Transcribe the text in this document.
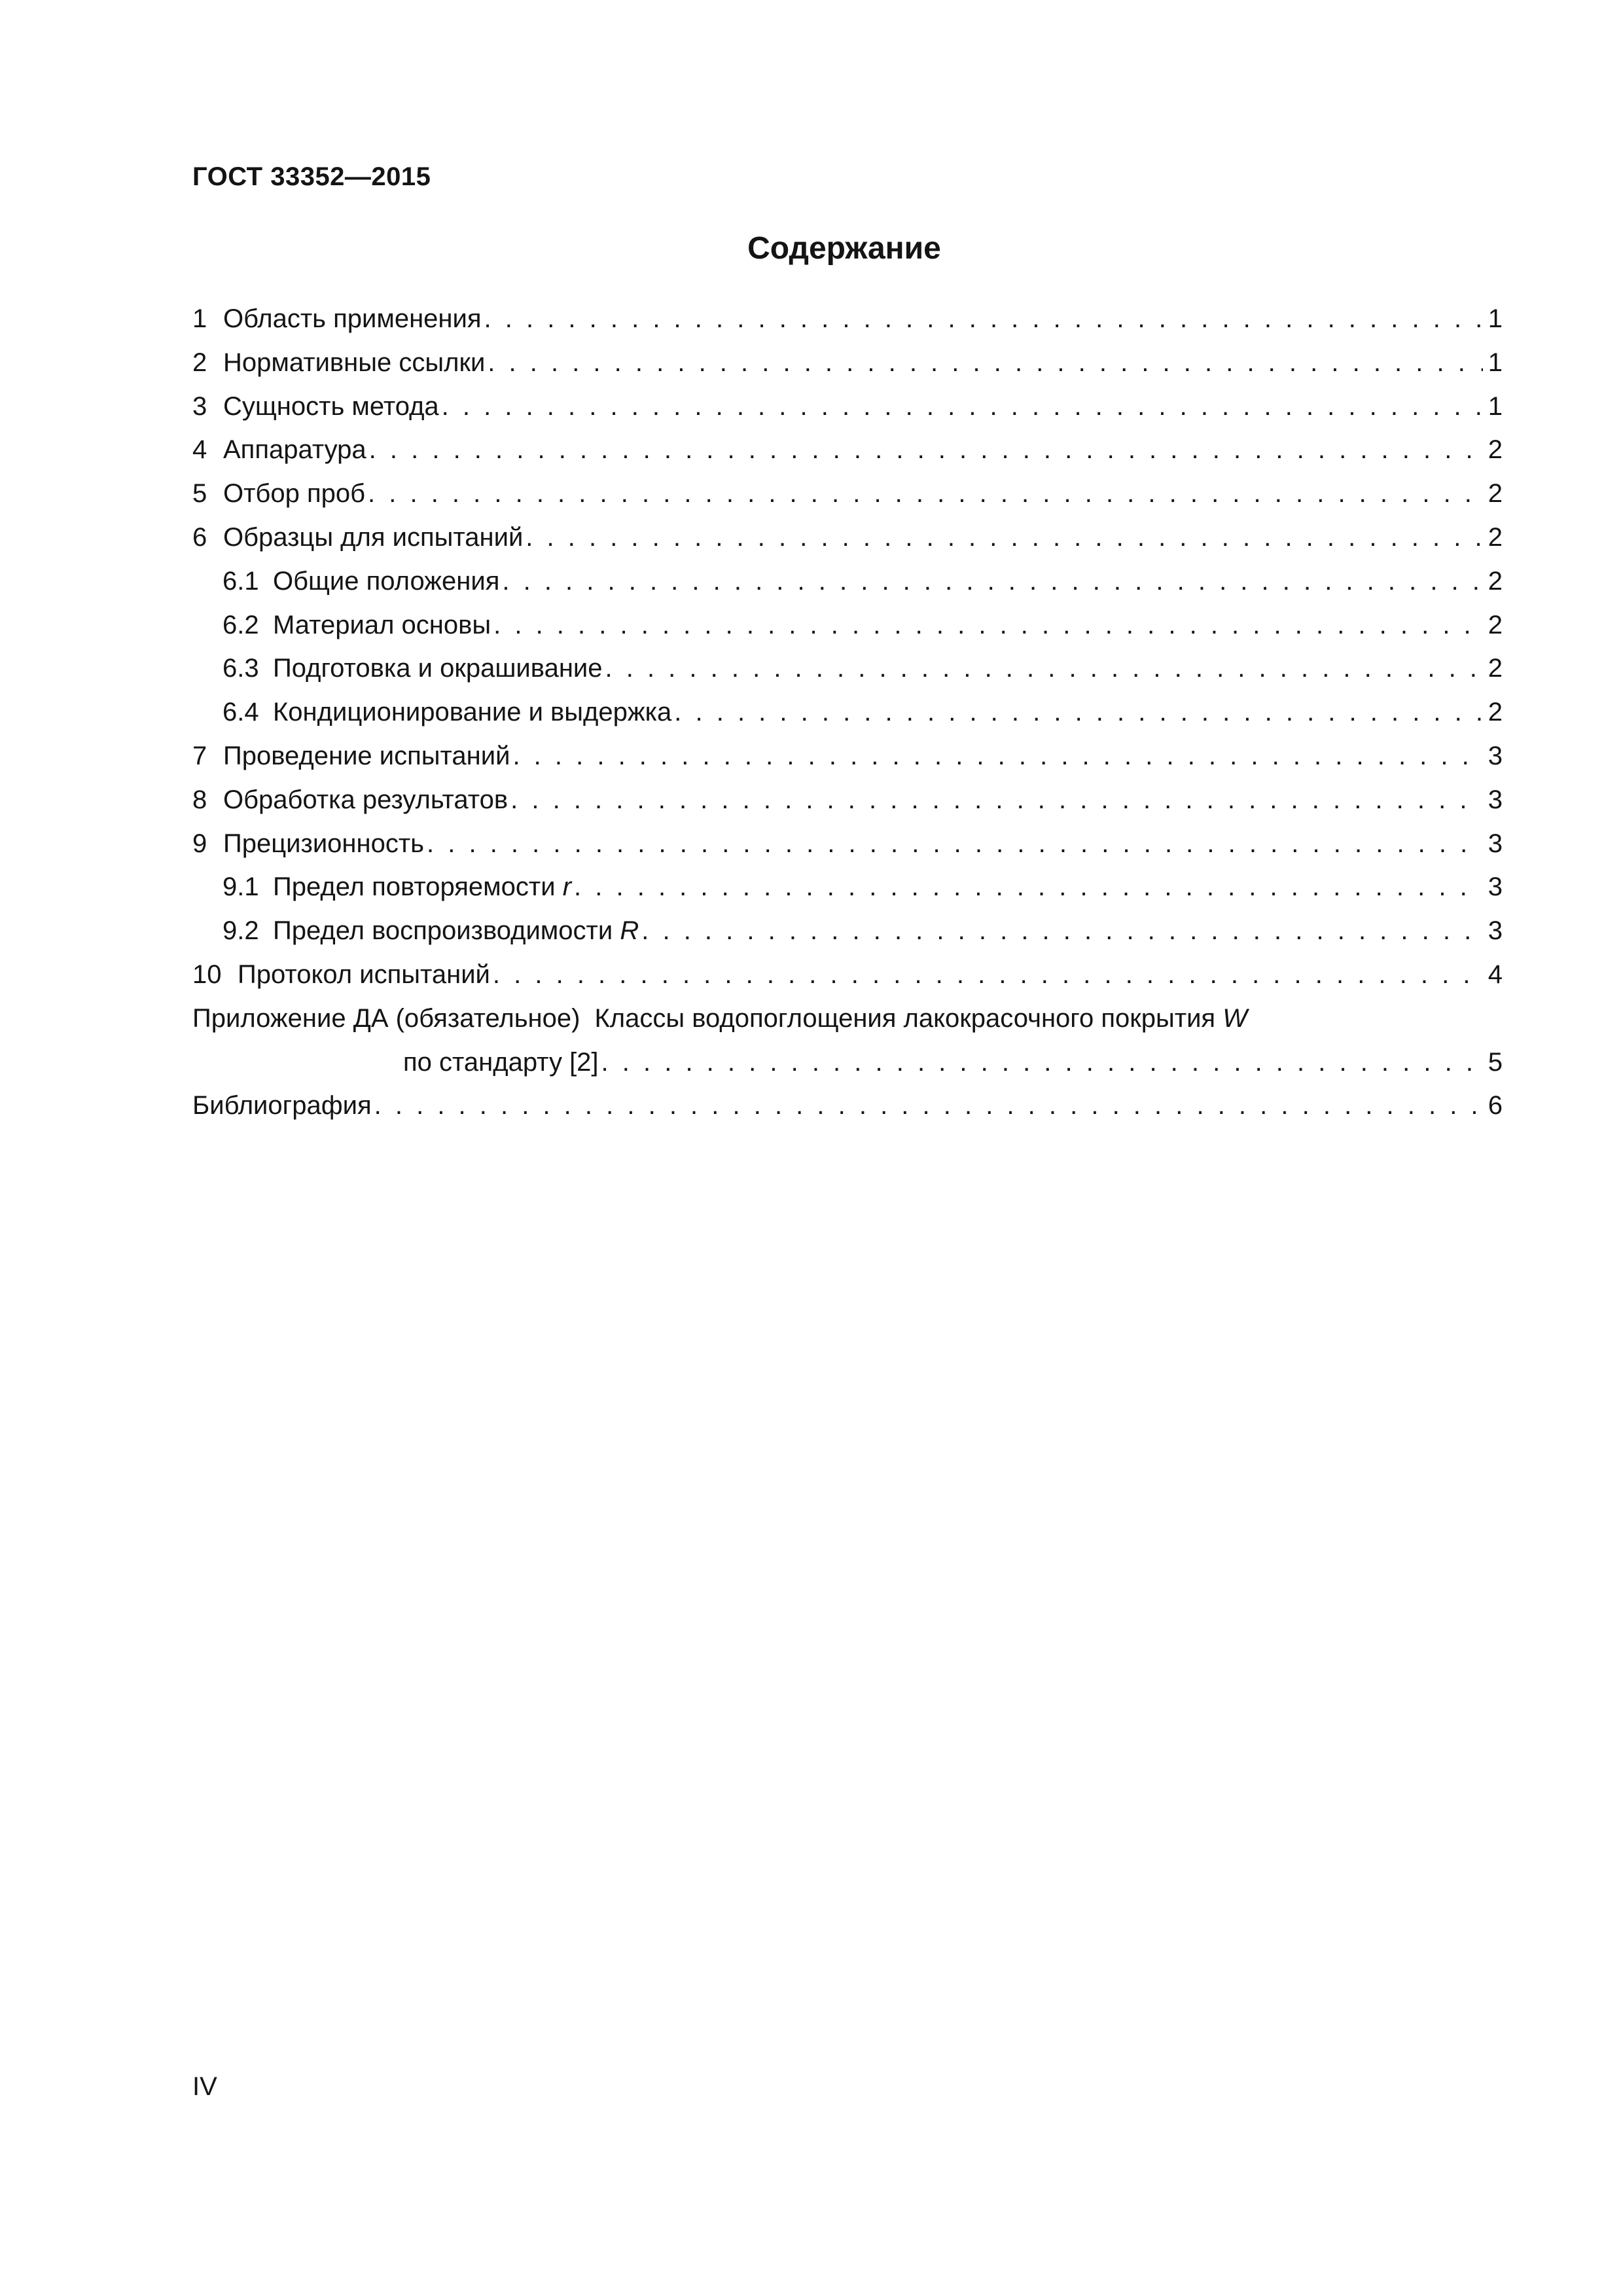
ГОСТ 33352—2015
Содержание
1 Область применения . . .	1
2 Нормативные ссылки . . .	1
3 Сущность метода . . .	1
4 Аппаратура . . .	2
5 Отбор проб . . .	2
6 Образцы для испытаний . . .	2
6.1 Общие положения . . .	2
6.2 Материал основы . . .	2
6.3 Подготовка и окрашивание . . .	2
6.4 Кондиционирование и выдержка . . .	2
7 Проведение испытаний . . .	3
8 Обработка результатов . . .	3
9 Прецизионность . . .	3
9.1 Предел повторяемости r . . .	3
9.2 Предел воспроизводимости R . . .	3
10 Протокол испытаний . . .	4
Приложение ДА (обязательное) Классы водопоглощения лакокрасочного покрытия W
по стандарту [2] . . .	5
Библиография . . .	6
IV
